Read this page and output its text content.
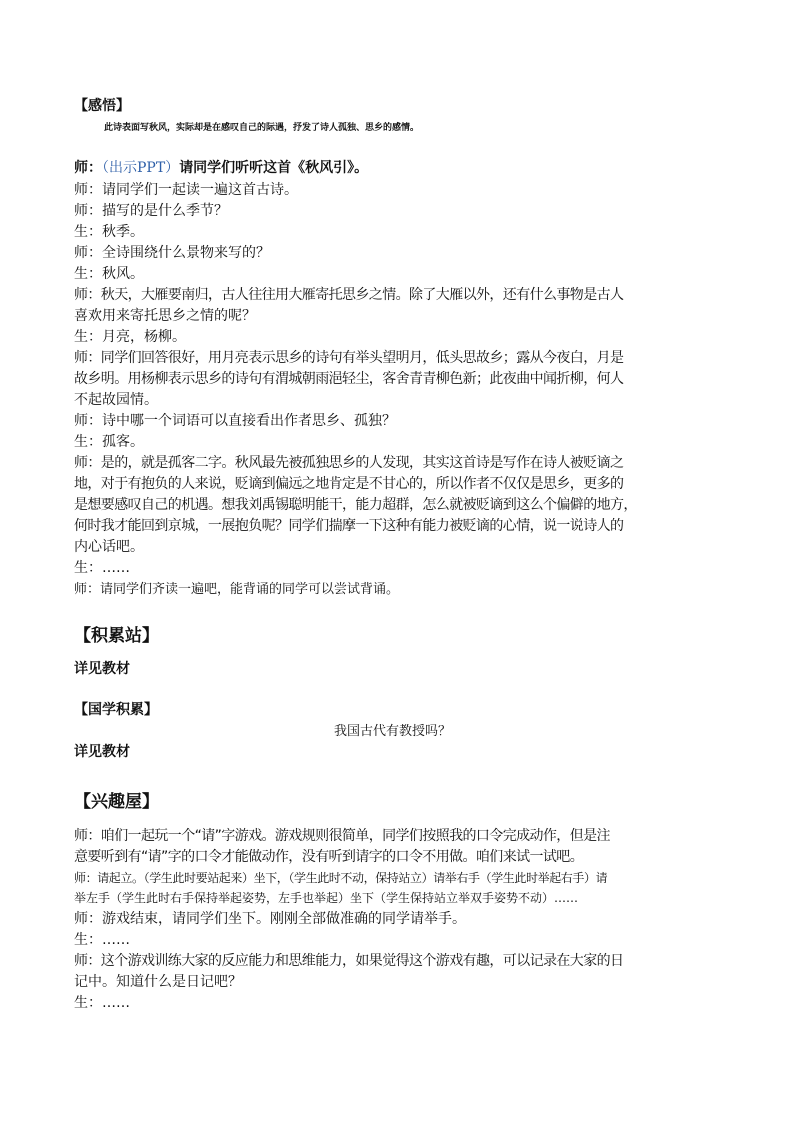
【感悟】
此诗表面写秋风，实际却是在感叹自己的际遇，抒发了诗人孤独、思乡的感情。
师：（出示PPT）请同学们听听这首《秋风引》。
师：请同学们一起读一遍这首古诗。
师：描写的是什么季节？
生：秋季。
师：全诗围绕什么景物来写的？
生：秋风。
师：秋天，大雁要南归，古人往往用大雁寄托思乡之情。除了大雁以外，还有什么事物是古人
喜欢用来寄托思乡之情的呢？
生：月亮，杨柳。
师：同学们回答很好，用月亮表示思乡的诗句有举头望明月，低头思故乡；露从今夜白，月是
故乡明。用杨柳表示思乡的诗句有渭城朝雨浥轻尘，客舍青青柳色新；此夜曲中闻折柳，何人
不起故园情。
师：诗中哪一个词语可以直接看出作者思乡、孤独？
生：孤客。
师：是的，就是孤客二字。秋风最先被孤独思乡的人发现，其实这首诗是写作在诗人被贬谪之
地，对于有抱负的人来说，贬谪到偏远之地肯定是不甘心的，所以作者不仅仅是思乡，更多的
是想要感叹自己的机遇。想我刘禹锡聪明能干，能力超群，怎么就被贬谪到这么个偏僻的地方，
何时我才能回到京城，一展抱负呢？同学们揣摩一下这种有能力被贬谪的心情，说一说诗人的
内心话吧。
生：……
师：请同学们齐读一遍吧，能背诵的同学可以尝试背诵。
【积累站】
详见教材
【国学积累】
我国古代有教授吗？
详见教材
【兴趣屋】
师：咱们一起玩一个“请”字游戏。游戏规则很简单，同学们按照我的口令完成动作，但是注
意要听到有“请”字的口令才能做动作，没有听到请字的口令不用做。咱们来试一试吧。
师：请起立。（学生此时要站起来）坐下，（学生此时不动，保持站立）请举右手（学生此时举起右手）请
举左手（学生此时右手保持举起姿势，左手也举起）坐下（学生保持站立举双手姿势不动）……
师：游戏结束，请同学们坐下。刚刚全部做准确的同学请举手。
生：……
师：这个游戏训练大家的反应能力和思维能力，如果觉得这个游戏有趣，可以记录在大家的日
记中。知道什么是日记吧？
生：……
